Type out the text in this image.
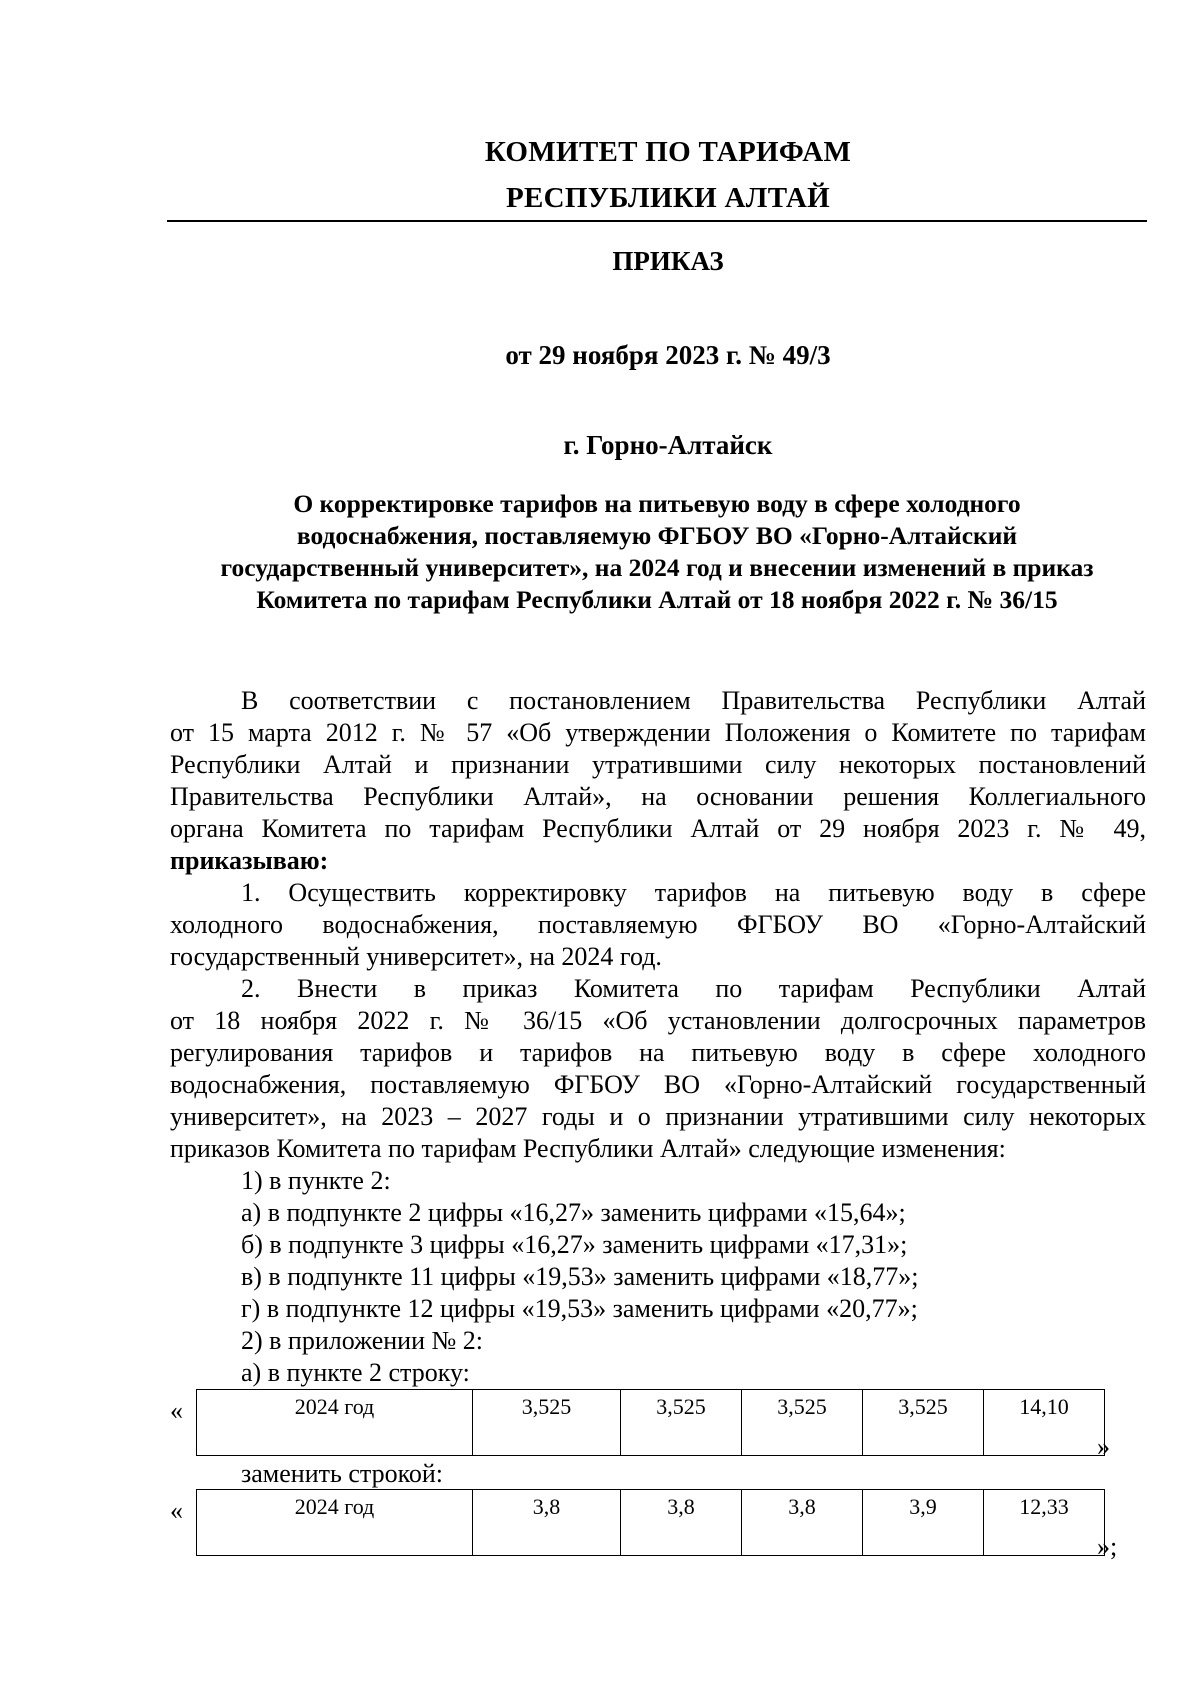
КОМИТЕТ ПО ТАРИФАМ
РЕСПУБЛИКИ АЛТАЙ
ПРИКАЗ
от 29 ноября 2023 г. № 49/3
г. Горно-Алтайск
О корректировке тарифов на питьевую воду в сфере холодного
водоснабжения, поставляемую ФГБОУ ВО «Горно-Алтайский
государственный университет», на 2024 год и внесении изменений в приказ
Комитета по тарифам Республики Алтай от 18 ноября 2022 г. № 36/15
В соответствии с постановлением Правительства Республики Алтай
от 15 марта 2012 г. № 57 «Об утверждении Положения о Комитете по тарифам
Республики Алтай и признании утратившими силу некоторых постановлений
Правительства Республики Алтай», на основании решения Коллегиального
органа Комитета по тарифам Республики Алтай от 29 ноября 2023 г. № 49,
приказываю:
1. Осуществить корректировку тарифов на питьевую воду в сфере
холодного водоснабжения, поставляемую ФГБОУ ВО «Горно-Алтайский
государственный университет», на 2024 год.
2. Внести в приказ Комитета по тарифам Республики Алтай
от 18 ноября 2022 г. № 36/15 «Об установлении долгосрочных параметров
регулирования тарифов и тарифов на питьевую воду в сфере холодного
водоснабжения, поставляемую ФГБОУ ВО «Горно-Алтайский государственный
университет», на 2023 – 2027 годы и о признании утратившими силу некоторых
приказов Комитета по тарифам Республики Алтай» следующие изменения:
1) в пункте 2:
а) в подпункте 2 цифры «16,27» заменить цифрами «15,64»;
б) в подпункте 3 цифры «16,27» заменить цифрами «17,31»;
в) в подпункте 11 цифры «19,53» заменить цифрами «18,77»;
г) в подпункте 12 цифры «19,53» заменить цифрами «20,77»;
2) в приложении № 2:
а) в пункте 2 строку:
«	2024 год	3,525	3,525	3,525	3,525	14,10
»
заменить строкой:
«	2024 год	3,8	3,8	3,8	3,9	12,33
»;
